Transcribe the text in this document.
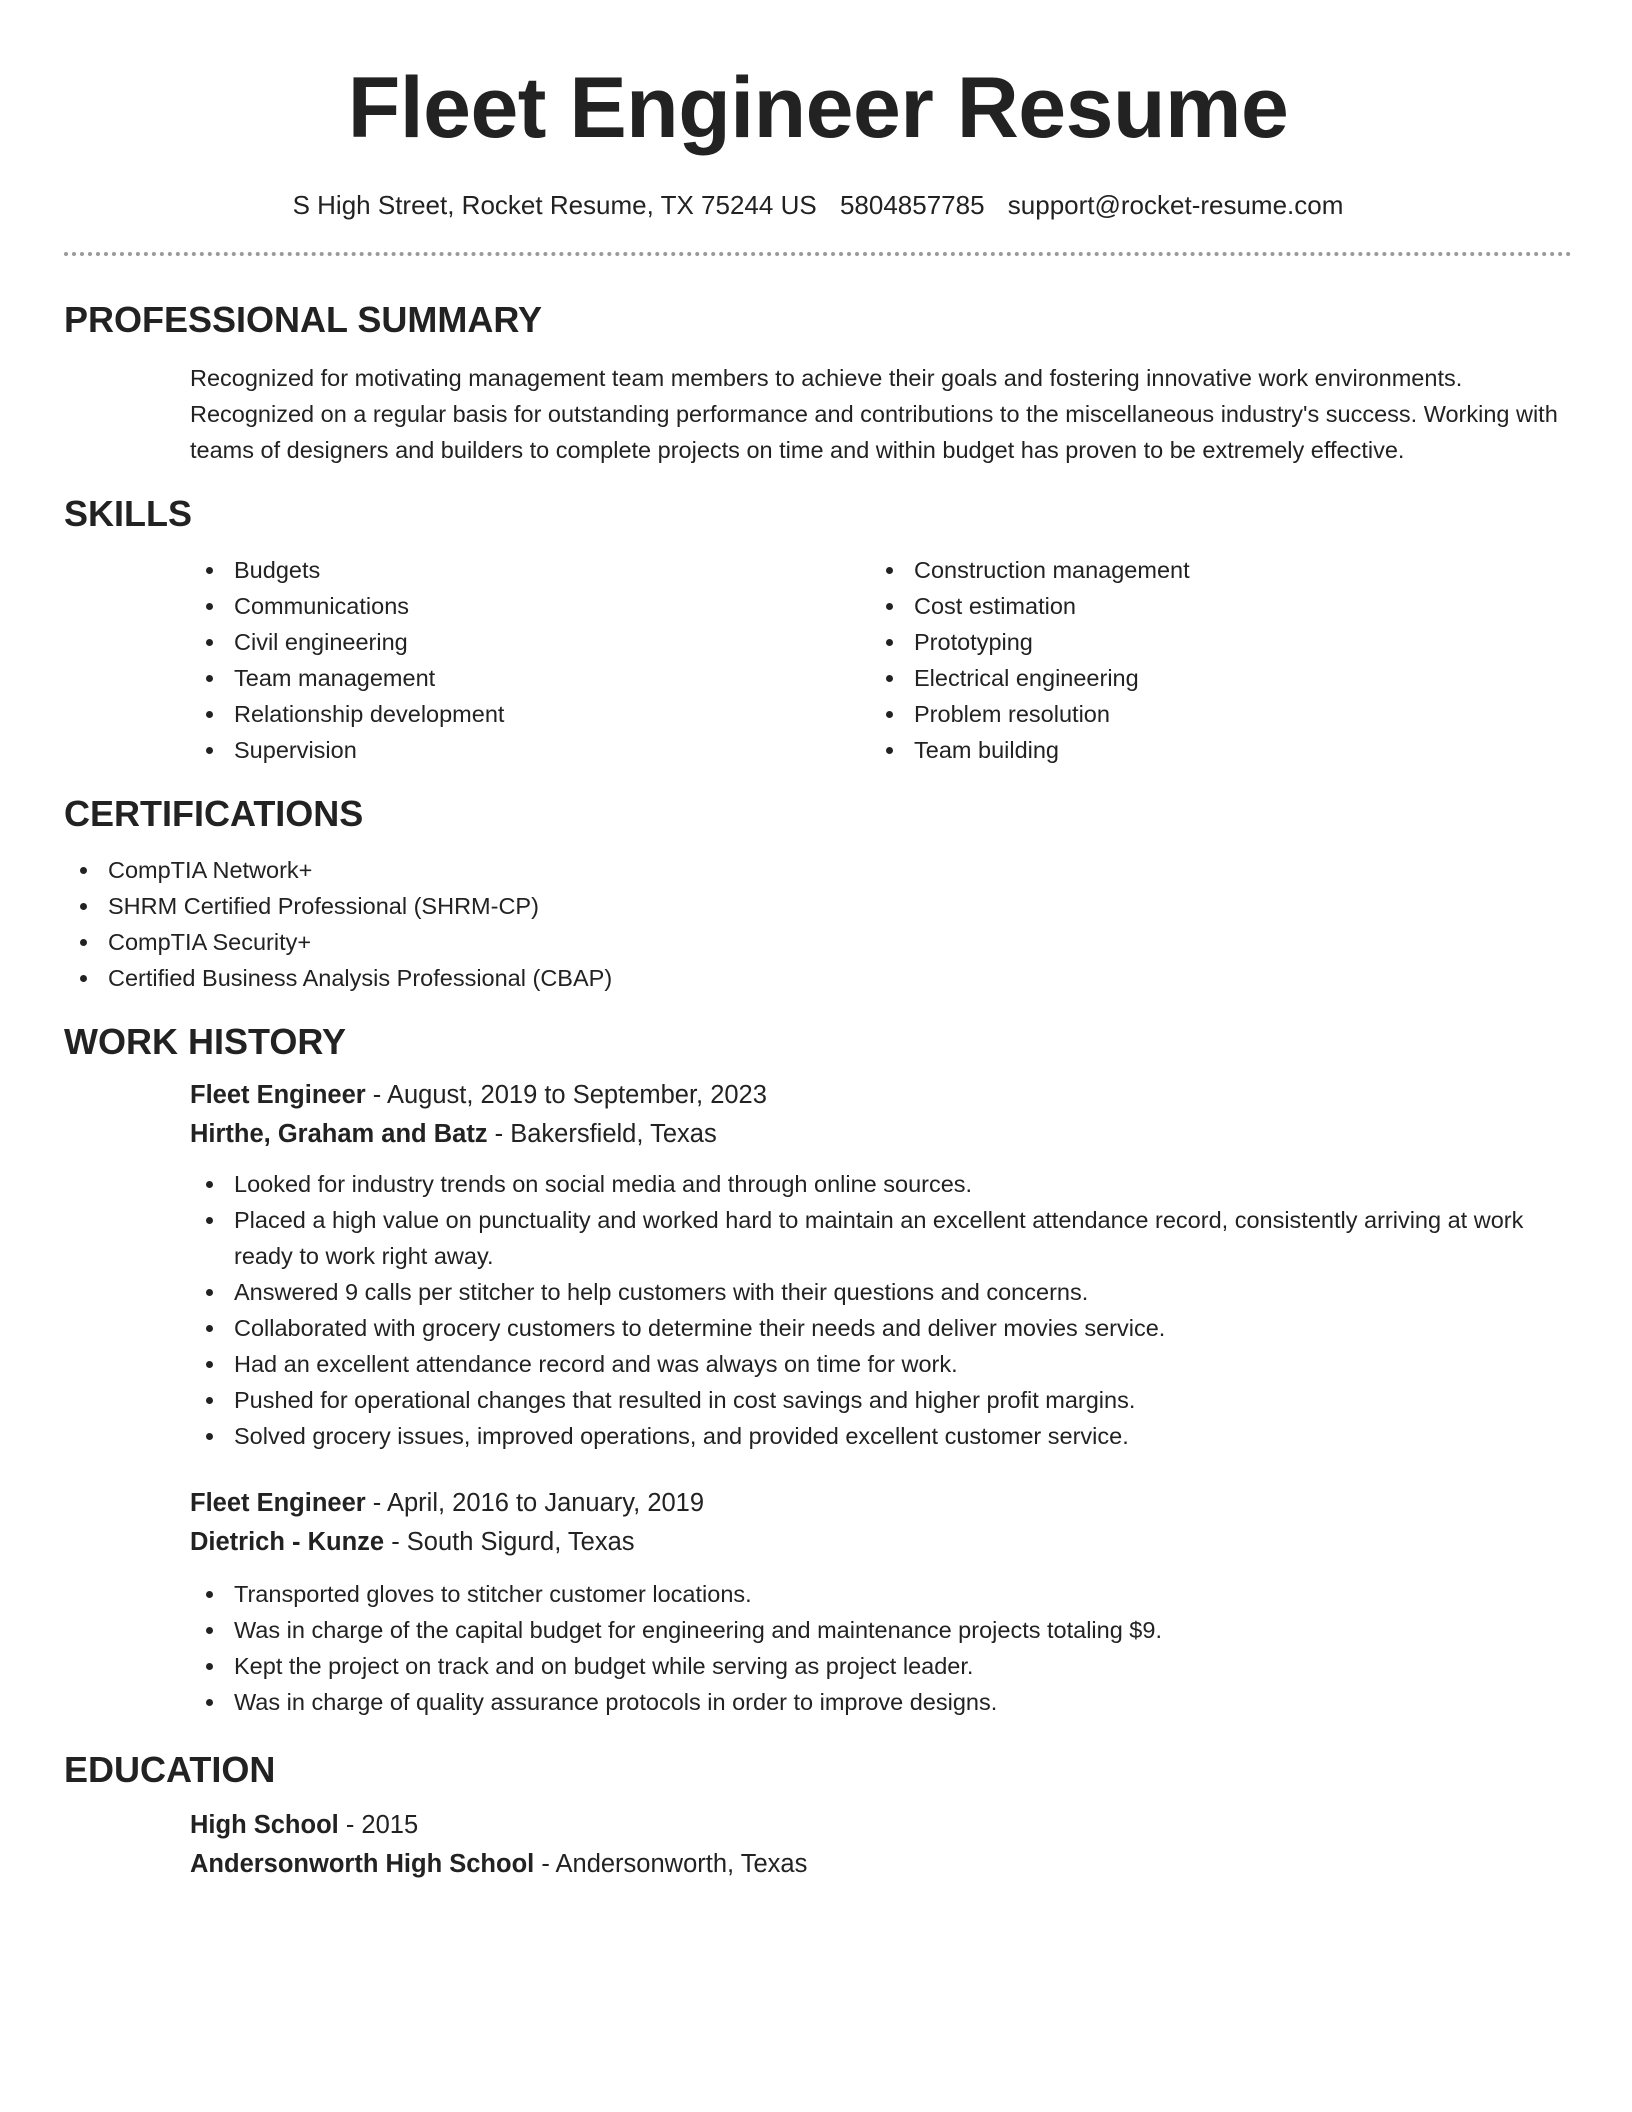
Fleet Engineer Resume
S High Street, Rocket Resume, TX 75244 US 5804857785 support@rocket-resume.com
PROFESSIONAL SUMMARY
Recognized for motivating management team members to achieve their goals and fostering innovative work environments. Recognized on a regular basis for outstanding performance and contributions to the miscellaneous industry's success. Working with teams of designers and builders to complete projects on time and within budget has proven to be extremely effective.
SKILLS
Budgets
Communications
Civil engineering
Team management
Relationship development
Supervision
Construction management
Cost estimation
Prototyping
Electrical engineering
Problem resolution
Team building
CERTIFICATIONS
CompTIA Network+
SHRM Certified Professional (SHRM-CP)
CompTIA Security+
Certified Business Analysis Professional (CBAP)
WORK HISTORY
Fleet Engineer - August, 2019 to September, 2023
Hirthe, Graham and Batz - Bakersfield, Texas
Looked for industry trends on social media and through online sources.
Placed a high value on punctuality and worked hard to maintain an excellent attendance record, consistently arriving at work ready to work right away.
Answered 9 calls per stitcher to help customers with their questions and concerns.
Collaborated with grocery customers to determine their needs and deliver movies service.
Had an excellent attendance record and was always on time for work.
Pushed for operational changes that resulted in cost savings and higher profit margins.
Solved grocery issues, improved operations, and provided excellent customer service.
Fleet Engineer - April, 2016 to January, 2019
Dietrich - Kunze - South Sigurd, Texas
Transported gloves to stitcher customer locations.
Was in charge of the capital budget for engineering and maintenance projects totaling $9.
Kept the project on track and on budget while serving as project leader.
Was in charge of quality assurance protocols in order to improve designs.
EDUCATION
High School - 2015
Andersonworth High School - Andersonworth, Texas
